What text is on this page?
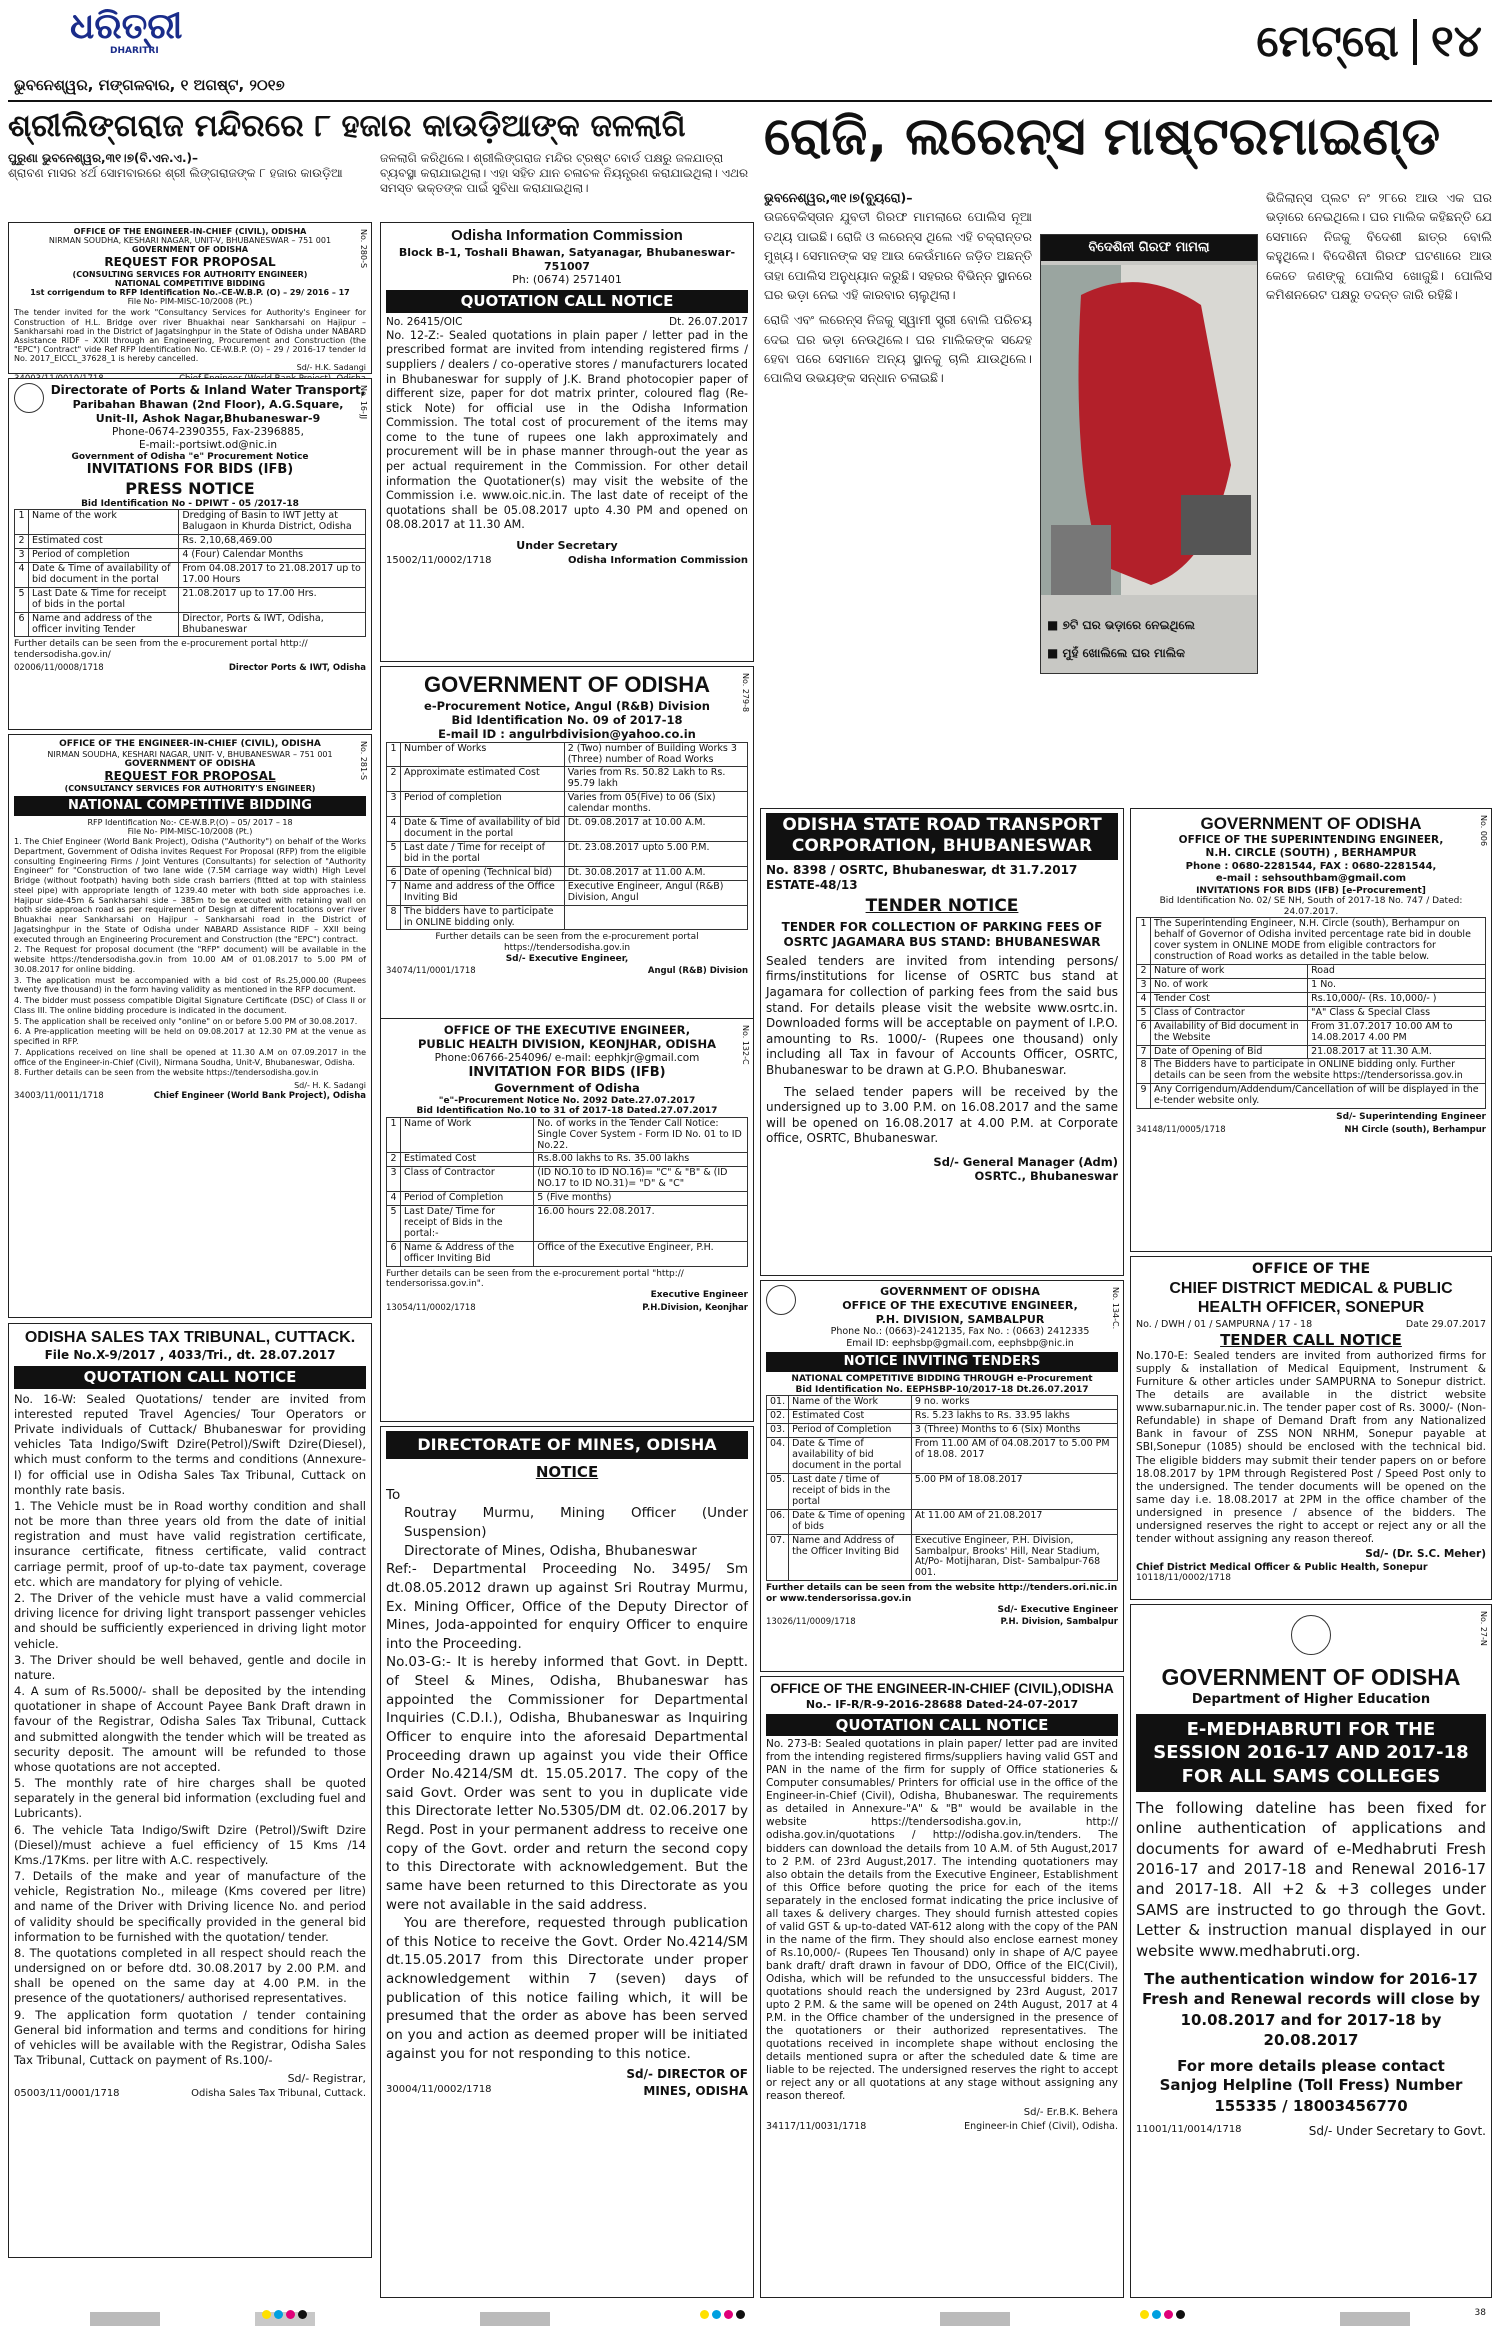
ଧରିତ୍ରୀ
DHARITRI
ଭୁବନେଶ୍ୱର, ମଙ୍ଗଳବାର, ୧ ଅଗଷ୍ଟ, ୨୦୧୭
ମେଟ୍ରୋ ୧୪
ଶ୍ରୀଲିଙ୍ଗରାଜ ମନ୍ଦିରରେ ୮ ହଜାର କାଉଡ଼ିଆଙ୍କ ଜଳଲାଗି
ପୁରୁଣା ଭୁବନେଶ୍ୱର,୩୧।୭(ବି.ଏନ.ଏ.)–
ଶ୍ରାବଣ ମାସର ୪ର୍ଥ ସୋମବାରରେ ଶ୍ରୀ ଲିଙ୍ଗରାଜଙ୍କ ୮ ହଜାର କାଉଡ଼ିଆ
ଜଳଲାଗି କରିଥିଲେ। ଶ୍ରୀଲିଙ୍ଗରାଜ ମନ୍ଦିର ଟ୍ରଷ୍ଟ ବୋର୍ଡ ପକ୍ଷରୁ ଜଳଯାତ୍ରା ବ୍ୟବସ୍ଥା କରାଯାଇଥିଲା। ଏହା ସହିତ ଯାନ ଚଳାଚଳ ନିୟନ୍ତ୍ରଣ କରାଯାଇଥିଲା। ଏଥର ସମସ୍ତ ଭକ୍ତଙ୍କ ପାଇଁ ସୁବିଧା କରାଯାଇଥିଲା।
ରୋଜି, ଲରେନ୍ସ ମାଷ୍ଟରମାଇଣ୍ଡ
ଭୁବନେଶ୍ୱର,୩୧।୭(ବ୍ୟୁରୋ)–
ଉଜବେକିସ୍ତାନ ଯୁବତୀ ଗିରଫ ମାମଲାରେ ପୋଲିସ ନୂଆ ତଥ୍ୟ ପାଇଛି। ରୋଜି ଓ ଲରେନ୍ସ ଥିଲେ ଏହି ଚକ୍ରାନ୍ତର ମୁଖ୍ୟ। ସେମାନଙ୍କ ସହ ଆଉ କେଉଁମାନେ ଜଡ଼ିତ ଅଛନ୍ତି ତାହା ପୋଲିସ ଅନୁଧ୍ୟାନ କରୁଛି। ସହରର ବିଭିନ୍ନ ସ୍ଥାନରେ ଘର ଭଡ଼ା ନେଇ ଏହି କାରବାର ଚାଲୁଥିଲା।
ରୋଜି ଏବଂ ଲରେନ୍ସ ନିଜକୁ ସ୍ୱାମୀ ସ୍ତ୍ରୀ ବୋଲି ପରିଚୟ ଦେଇ ଘର ଭଡ଼ା ନେଉଥିଲେ। ଘର ମାଲିକଙ୍କ ସନ୍ଦେହ ହେବା ପରେ ସେମାନେ ଅନ୍ୟ ସ୍ଥାନକୁ ଚାଲି ଯାଉଥିଲେ। ପୋଲିସ ଉଭୟଙ୍କ ସନ୍ଧାନ ଚଳାଇଛି।
ବିଦେଶିନୀ ଗିରଫ ମାମଲା
■ ୭ଟି ଘର ଭଡ଼ାରେ ନେଇଥିଲେ
■ ମୁହଁ ଖୋଲିଲେ ଘର ମାଲିକ
ଭିଜିଲାନ୍ସ ପ୍ଲଟ ନଂ ୨୮ରେ ଆଉ ଏକ ଘର ଭଡ଼ାରେ ନେଇଥିଲେ। ଘର ମାଲିକ କହିଛନ୍ତି ଯେ ସେମାନେ ନିଜକୁ ବିଦେଶୀ ଛାତ୍ର ବୋଲି କହୁଥିଲେ। ବିଦେଶିନୀ ଗିରଫ ଘଟଣାରେ ଆଉ କେତେ ଜଣଙ୍କୁ ପୋଲିସ ଖୋଜୁଛି। ପୋଲିସ କମିଶନରେଟ ପକ୍ଷରୁ ତଦନ୍ତ ଜାରି ରହିଛି।
No. 280-S
OFFICE OF THE ENGINEER-IN-CHIEF (CIVIL), ODISHA
NIRMAN SOUDHA, KESHARI NAGAR, UNIT-V, BHUBANESWAR – 751 001
GOVERNMENT OF ODISHA
REQUEST FOR PROPOSAL
(CONSULTING SERVICES FOR AUTHORITY ENGINEER)
NATIONAL COMPETITIVE BIDDING
1st corrigendum to RFP Identification No.-CE-W.B.P. (O) – 29/ 2016 – 17
File No- PIM-MISC-10/2008 (Pt.)
The tender invited for the work "Consultancy Services for Authority's Engineer for Construction of H.L. Bridge over river Bhuakhai near Sankharsahi on Hajipur – Sankharsahi road in the District of Jagatsinghpur in the State of Odisha under NABARD Assistance RIDF – XXII through an Engineering, Procurement and Construction (the "EPC") Contract" vide Ref RFP Identification No. CE-W.B.P. (O) – 29 / 2016-17 tender Id No. 2017_EICCL_37628_1 is hereby cancelled.
Sd/- H.K. Sadangi
No. 16-JJ
Directorate of Ports & Inland Water Transport,
Paribahan Bhawan (2nd Floor), A.G.Square,
Unit-II, Ashok Nagar,Bhubaneswar-9
Phone-0674-2390355, Fax-2396885,
E-mail:-portsiwt.od@nic.in
Government of Odisha "e" Procurement Notice
INVITATIONS FOR BIDS (IFB)
PRESS NOTICE
Bid Identification No - DPIWT - 05 /2017-18
1	Name of the work	Dredging of Basin to IWT Jetty at Balugaon in Khurda District, Odisha
2	Estimated cost	Rs. 2,10,68,469.00
3	Period of completion	4 (Four) Calendar Months
4	Date & Time of availability of bid document in the portal	From 04.08.2017 to 21.08.2017 up to 17.00 Hours
5	Last Date & Time for receipt of bids in the portal	21.08.2017 up to 17.00 Hrs.
6	Name and address of the officer inviting Tender	Director, Ports & IWT, Odisha, Bhubaneswar
Further details can be seen from the e-procurement portal http:// tendersodisha.gov.in/
02006/11/0008/1718	Director Ports & IWT, Odisha
No. 281-S
OFFICE OF THE ENGINEER-IN-CHIEF (CIVIL), ODISHA
NIRMAN SOUDHA, KESHARI NAGAR, UNIT- V, BHUBANESWAR – 751 001
GOVERNMENT OF ODISHA
REQUEST FOR PROPOSAL
(CONSULTANCY SERVICES FOR AUTHORITY'S ENGINEER)
NATIONAL COMPETITIVE BIDDING
RFP Identification No:- CE-W.B.P.(O) – 05/ 2017 – 18
File No- PIM-MISC-10/2008 (Pt.)
1. The Chief Engineer (World Bank Project), Odisha ("Authority") on behalf of the Works Department, Government of Odisha invites Request For Proposal (RFP) from the eligible consulting Engineering Firms / Joint Ventures (Consultants) for selection of "Authority Engineer" for "Construction of two lane wide (7.5M carriage way width) High Level Bridge (without footpath) having both side crash barriers (fitted at top with stainless steel pipe) with appropriate length of 1239.40 meter with both side approaches i.e. Hajipur side-45m & Sankharsahi side – 385m to be executed with retaining wall on both side approach road as per requirement of Design at different locations over river Bhuakhai near Sankharsahi on Hajipur – Sankharsahi road in the District of Jagatsinghpur in the State of Odisha under NABARD Assistance RIDF – XXII being executed through an Engineering Procurement and Construction (the "EPC") contract.
2. The Request for proposal document (the "RFP" document) will be available in the website https://tendersodisha.gov.in from 10.00 AM of 01.08.2017 to 5.00 PM of 30.08.2017 for online bidding.
3. The application must be accompanied with a bid cost of Rs.25,000.00 (Rupees twenty five thousand) in the form having validity as mentioned in the RFP document.
4. The bidder must possess compatible Digital Signature Certificate (DSC) of Class II or Class III. The online bidding procedure is indicated in the document.
5. The application shall be received only "online" on or before 5.00 PM of 30.08.2017.
6. A Pre-application meeting will be held on 09.08.2017 at 12.30 PM at the venue as specified in RFP.
7. Applications received on line shall be opened at 11.30 A.M on 07.09.2017 in the office of the Engineer-in-Chief (Civil), Nirmana Soudha, Unit-V, Bhubaneswar, Odisha.
8. Further details can be seen from the website https://tendersodisha.gov.in
Sd/- H. K. Sadangi
34003/11/0011/1718	Chief Engineer (World Bank Project), Odisha
ODISHA SALES TAX TRIBUNAL, CUTTACK.
File No.X-9/2017 , 4033/Tri., dt. 28.07.2017
QUOTATION CALL NOTICE
No. 16-W: Sealed Quotations/ tender are invited from interested reputed Travel Agencies/ Tour Operators or Private individuals of Cuttack/ Bhubaneswar for providing vehicles Tata Indigo/Swift Dzire(Petrol)/Swift Dzire(Diesel), which must conform to the terms and conditions (Annexure-I) for official use in Odisha Sales Tax Tribunal, Cuttack on monthly rate basis.
1. The Vehicle must be in Road worthy condition and shall not be more than three years old from the date of initial registration and must have valid registration certificate, insurance certificate, fitness certificate, valid contract carriage permit, proof of up-to-date tax payment, coverage etc. which are mandatory for plying of vehicle.
2. The Driver of the vehicle must have a valid commercial driving licence for driving light transport passenger vehicles and should be sufficiently experienced in driving light motor vehicle.
3. The Driver should be well behaved, gentle and docile in nature.
4. A sum of Rs.5000/- shall be deposited by the intending quotationer in shape of Account Payee Bank Draft drawn in favour of the Registrar, Odisha Sales Tax Tribunal, Cuttack and submitted alongwith the tender which will be treated as security deposit. The amount will be refunded to those whose quotations are not accepted.
5. The monthly rate of hire charges shall be quoted separately in the general bid information (excluding fuel and Lubricants).
6. The vehicle Tata Indigo/Swift Dzire (Petrol)/Swift Dzire (Diesel)/must achieve a fuel efficiency of 15 Kms /14 Kms./17Kms. per litre with A.C. respectively.
7. Details of the make and year of manufacture of the vehicle, Registration No., mileage (Kms covered per litre) and name of the Driver with Driving licence No. and period of validity should be specifically provided in the general bid information to be furnished with the quotation/ tender.
8. The quotations completed in all respect should reach the undersigned on or before dtd. 30.08.2017 by 2.00 P.M. and shall be opened on the same day at 4.00 P.M. in the presence of the quotationers/ authorised representatives.
9. The application form quotation / tender containing General bid information and terms and conditions for hiring of vehicles will be available with the Registrar, Odisha Sales Tax Tribunal, Cuttack on payment of Rs.100/-
Sd/- Registrar,
05003/11/0001/1718	Odisha Sales Tax Tribunal, Cuttack.
Odisha Information Commission
Block B-1, Toshali Bhawan, Satyanagar, Bhubaneswar-751007
Ph: (0674) 2571401
QUOTATION CALL NOTICE
No. 26415/OIC	Dt. 26.07.2017
No. 12-Z:- Sealed quotations in plain paper / letter pad in the prescribed format are invited from intending registered firms / suppliers / dealers / co-operative stores / manufacturers located in Bhubaneswar for supply of J.K. Brand photocopier paper of different size, paper for dot matrix printer, coloured flag (Re-stick Note) for official use in the Odisha Information Commission. The total cost of procurement of the items may come to the tune of rupees one lakh approximately and procurement will be in phase manner through-out the year as per actual requirement in the Commission. For other detail information the Quotationer(s) may visit the website of the Commission i.e. www.oic.nic.in. The last date of receipt of the quotations shall be 05.08.2017 upto 4.30 PM and opened on 08.08.2017 at 11.30 AM.
Under Secretary
15002/11/0002/1718	Odisha Information Commission
No. 279-8
GOVERNMENT OF ODISHA
e-Procurement Notice, Angul (R&B) Division
Bid Identification No. 09 of 2017-18
E-mail ID : angulrbdivision@yahoo.co.in
1	Number of Works	2 (Two) number of Building Works 3 (Three) number of Road Works
2	Approximate estimated Cost	Varies from Rs. 50.82 Lakh to Rs. 95.79 lakh
3	Period of completion	Varies from 05(Five) to 06 (Six) calendar months.
4	Date & Time of availability of bid document in the portal	Dt. 09.08.2017 at 10.00 A.M.
5	Last date / Time for receipt of bid in the portal	Dt. 23.08.2017 upto 5.00 P.M.
6	Date of opening (Technical bid)	Dt. 30.08.2017 at 11.00 A.M.
7	Name and address of the Office Inviting Bid	Executive Engineer, Angul (R&B) Division, Angul
8	The bidders have to participate in ONLINE bidding only.	
Further details can be seen from the e-procurement portal https://tendersodisha.gov.in
Sd/- Executive Engineer,
34074/11/0001/1718	Angul (R&B) Division
No. 132-C
OFFICE OF THE EXECUTIVE ENGINEER,
PUBLIC HEALTH DIVISION, KEONJHAR, ODISHA
Phone:06766-254096/ e-mail: eephkjr@gmail.com
INVITATION FOR BIDS (IFB)
Government of Odisha
"e"-Procurement Notice No. 2092 Date.27.07.2017
Bid Identification No.10 to 31 of 2017-18 Dated.27.07.2017
1	Name of Work	No. of works in the Tender Call Notice: Single Cover System - Form ID No. 01 to ID No.22.
2	Estimated Cost	Rs.8.00 lakhs to Rs. 35.00 lakhs
3	Class of Contractor	(ID NO.10 to ID NO.16)= "C" & "B" & (ID NO.17 to ID NO.31)= "D" & "C"
4	Period of Completion	5 (Five months)
5	Last Date/ Time for receipt of Bids in the portal:-	16.00 hours 22.08.2017.
6	Name & Address of the officer Inviting Bid	Office of the Executive Engineer, P.H.
Further details can be seen from the e-procurement portal "http:// tendersorissa.gov.in".
Executive Engineer
13054/11/0002/1718	P.H.Division, Keonjhar
DIRECTORATE OF MINES, ODISHA
NOTICE
To
Routray Murmu, Mining Officer (Under Suspension)
Directorate of Mines, Odisha, Bhubaneswar
Ref:- Departmental Proceeding No. 3495/ Sm dt.08.05.2012 drawn up against Sri Routray Murmu, Ex. Mining Officer, Office of the Deputy Director of Mines, Joda-appointed for enquiry Officer to enquire into the Proceeding.
No.03-G:- It is hereby informed that Govt. in Deptt. of Steel & Mines, Odisha, Bhubaneswar has appointed the Commissioner for Departmental Inquiries (C.D.I.), Odisha, Bhubaneswar as Inquiring Officer to enquire into the aforesaid Departmental Proceeding drawn up against you vide their Office Order No.4214/SM dt. 15.05.2017. The copy of the said Govt. Order was sent to you in duplicate vide this Directorate letter No.5305/DM dt. 02.06.2017 by Regd. Post in your permanent address to receive one copy of the Govt. order and return the second copy to this Directorate with acknowledgement. But the same have been returned to this Directorate as you were not available in the said address.
You are therefore, requested through publication of this Notice to receive the Govt. Order No.4214/SM dt.15.05.2017 from this Directorate under proper acknowledgement within 7 (seven) days of publication of this notice failing which, it will be presumed that the order as above has been served on you and action as deemed proper will be initiated against you for not responding to this notice.
Sd/- DIRECTOR OF
30004/11/0002/1718	MINES, ODISHA
ODISHA STATE ROAD TRANSPORT CORPORATION, BHUBANESWAR
No. 8398 / OSRTC, Bhubaneswar, dt 31.7.2017
ESTATE-48/13
TENDER NOTICE
TENDER FOR COLLECTION OF PARKING FEES OF OSRTC JAGAMARA BUS STAND: BHUBANESWAR
Sealed tenders are invited from intending persons/ firms/institutions for license of OSRTC bus stand at Jagamara for collection of parking fees from the said bus stand. For details please visit the website www.osrtc.in. Downloaded forms will be acceptable on payment of I.P.O. amounting to Rs. 1000/- (Rupees one thousand) only including all Tax in favour of Accounts Officer, OSRTC, Bhubaneswar to be drawn at G.P.O. Bhubaneswar.
The selaed tender papers will be received by the undersigned up to 3.00 P.M. on 16.08.2017 and the same will be opened on 16.08.2017 at 4.00 P.M. at Corporate office, OSRTC, Bhubaneswar.
Sd/- General Manager (Adm)
OSRTC., Bhubaneswar
No. 134-C.
GOVERNMENT OF ODISHA
OFFICE OF THE EXECUTIVE ENGINEER,
P.H. DIVISION, SAMBALPUR
Phone No.: (0663)-2412135, Fax No. : (0663) 2412335
Email ID: eephsbp@gmail.com, eephsbp@nic.in
NOTICE INVITING TENDERS
NATIONAL COMPETITIVE BIDDING THROUGH e-Procurement
Bid Identification No. EEPHSBP-10/2017-18 Dt.26.07.2017
01.	Name of the Work	9 no. works
02.	Estimated Cost	Rs. 5.23 lakhs to Rs. 33.95 lakhs
03.	Period of Completion	3 (Three) Months to 6 (Six) Months
04.	Date & Time of availability of bid document in the portal	From 11.00 AM of 04.08.2017 to 5.00 PM of 18.08. 2017
05.	Last date / time of receipt of bids in the portal	5.00 PM of 18.08.2017
06.	Date & Time of opening of bids	At 11.00 AM of 21.08.2017
07.	Name and Address of the Officer Inviting Bid	Executive Engineer, P.H. Division, Sambalpur, Brooks' Hill, Near Stadium, At/Po- Motijharan, Dist- Sambalpur-768 001.
Further details can be seen from the website http://tenders.ori.nic.in or www.tendersorissa.gov.in
Sd/- Executive Engineer
13026/11/0009/1718	P.H. Division, Sambalpur
OFFICE OF THE ENGINEER-IN-CHIEF (CIVIL),ODISHA
No.- IF-R/R-9-2016-28688 Dated-24-07-2017
QUOTATION CALL NOTICE
No. 273-B: Sealed quotations in plain paper/ letter pad are invited from the intending registered firms/suppliers having valid GST and PAN in the name of the firm for supply of Office stationeries & Computer consumables/ Printers for official use in the office of the Engineer-in-Chief (Civil), Odisha, Bhubaneswar. The requirements as detailed in Annexure-"A" & "B" would be available in the website https://tendersodisha.gov.in, http:// odisha.gov.in/quotations / http://odisha.gov.in/tenders. The bidders can download the details from 10 A.M. of 5th August,2017 to 2 P.M. of 23rd August,2017. The intending quotationers may also obtain the details from the Executive Engineer, Establishment of this Office before quoting the price for each of the items separately in the enclosed format indicating the price inclusive of all taxes & delivery charges. They should furnish attested copies of valid GST & up-to-dated VAT-612 along with the copy of the PAN in the name of the firm. They should also enclose earnest money of Rs.10,000/- (Rupees Ten Thousand) only in shape of A/C payee bank draft/ draft drawn in favour of DDO, Office of the EIC(Civil), Odisha, which will be refunded to the unsuccessful bidders. The quotations should reach the undersigned by 23rd August, 2017 upto 2 P.M. & the same will be opened on 24th August, 2017 at 4 P.M. in the Office chamber of the undersigned in the presence of the quotationers or their authorized representatives. The quotations received in incomplete shape without enclosing the details mentioned supra or after the scheduled date & time are liable to be rejected. The undersigned reserves the right to accept or reject any or all quotations at any stage without assigning any reason thereof.
Sd/- Er.B.K. Behera
34117/11/0031/1718	Engineer-in Chief (Civil), Odisha.
No. 006
GOVERNMENT OF ODISHA
OFFICE OF THE SUPERINTENDING ENGINEER,
N.H. CIRCLE (SOUTH) , BERHAMPUR
Phone : 0680-2281544, FAX : 0680-2281544,
e-mail : sehsouthbam@gmail.com
INVITATIONS FOR BIDS (IFB) [e-Procurement]
Bid Identification No. 02/ SE NH, South of 2017-18 No. 747 / Dated: 24.07.2017.
1	The Superintending Engineer, N.H. Circle (south), Berhampur on behalf of Governor of Odisha invited percentage rate bid in double cover system in ONLINE MODE from eligible contractors for construction of Road works as detailed in the table below.	
2	Nature of work	Road
3	No. of work	1 No.
4	Tender Cost	Rs.10,000/- (Rs. 10,000/- )
5	Class of Contractor	"A" Class & Special Class
6	Availability of Bid document in the Website	From 31.07.2017 10.00 AM to 14.08.2017 4.00 PM
7	Date of Opening of Bid	21.08.2017 at 11.30 A.M.
8	The Bidders have to participate in ONLINE bidding only. Further details can be seen from the website https://tendersorissa.gov.in	
9	Any Corrigendum/Addendum/Cancellation of will be displayed in the e-tender website only.	
Sd/- Superintending Engineer
34148/11/0005/1718	NH Circle (south), Berhampur
OFFICE OF THE
CHIEF DISTRICT MEDICAL & PUBLIC HEALTH OFFICER, SONEPUR
No. / DWH / 01 / SAMPURNA / 17 - 18	Date 29.07.2017
TENDER CALL NOTICE
No.170-E: Sealed tenders are invited from authorized firms for supply & installation of Medical Equipment, Instrument & Furniture & other articles under SAMPURNA to Sonepur district. The details are available in the district website www.subarnapur.nic.in. The tender paper cost of Rs. 3000/- (Non-Refundable) in shape of Demand Draft from any Nationalized Bank in favour of ZSS NON NRHM, Sonepur payable at SBI,Sonepur (1085) should be enclosed with the technical bid. The eligible bidders may submit their tender papers on or before 18.08.2017 by 1PM through Registered Post / Speed Post only to the undersigned. The tender documents will be opened on the same day i.e. 18.08.2017 at 2PM in the office chamber of the undersigned in presence / absence of the bidders. The undersigned reserves the right to accept or reject any or all the tender without assigning any reason thereof.
Sd/- (Dr. S.C. Meher)
Chief District Medical Officer & Public Health, Sonepur
10118/11/0002/1718
No. 27-N
GOVERNMENT OF ODISHA
Department of Higher Education
E-MEDHABRUTI FOR THE SESSION 2016-17 AND 2017-18 FOR ALL SAMS COLLEGES
The following dateline has been fixed for online authentication of applications and documents for award of e-Medhabruti Fresh 2016-17 and 2017-18 and Renewal 2016-17 and 2017-18. All +2 & +3 colleges under SAMS are instructed to go through the Govt. Letter & instruction manual displayed in our website www.medhabruti.org.
The authentication window for 2016-17 Fresh and Renewal records will close by 10.08.2017 and for 2017-18 by 20.08.2017
For more details please contact
Sanjog Helpline (Toll Fress) Number 155335 / 18003456770
11001/11/0014/1718	Sd/- Under Secretary to Govt.
38
